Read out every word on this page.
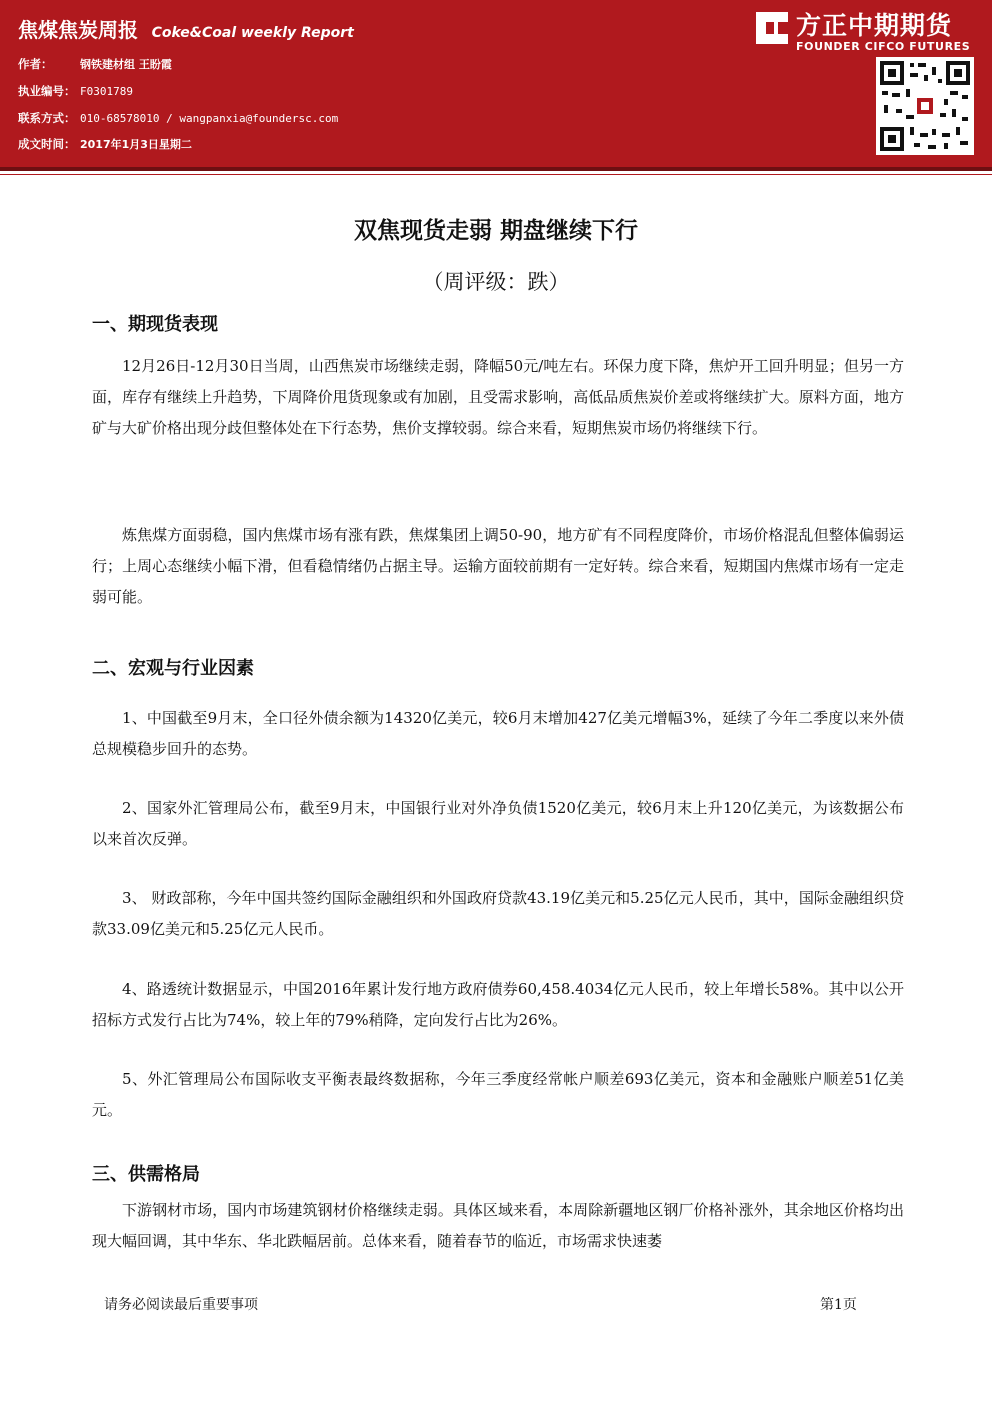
焦煤焦炭周报 Coke&Coal weekly Report
作者：	钢铁建材组 王盼霞
执业编号： F0301789
联系方式： 010-68578010 / wangpanxia@foundersc.com
成文时间： 2017年1月3日星期二
方正中期期货
FOUNDER CIFCO FUTURES
双焦现货走弱 期盘继续下行
（周评级：跌）
一、期现货表现
12月26日-12月30日当周，山西焦炭市场继续走弱，降幅50元/吨左右。环保力度下降，焦炉开工回升明显；但另一方面，库存有继续上升趋势，下周降价甩货现象或有加剧，且受需求影响，高低品质焦炭价差或将继续扩大。原料方面，地方矿与大矿价格出现分歧但整体处在下行态势，焦价支撑较弱。综合来看，短期焦炭市场仍将继续下行。
炼焦煤方面弱稳，国内焦煤市场有涨有跌，焦煤集团上调50-90，地方矿有不同程度降价，市场价格混乱但整体偏弱运行；上周心态继续小幅下滑，但看稳情绪仍占据主导。运输方面较前期有一定好转。综合来看，短期国内焦煤市场有一定走弱可能。
二、宏观与行业因素
1、中国截至9月末，全口径外债余额为14320亿美元，较6月末增加427亿美元增幅3%，延续了今年二季度以来外债总规模稳步回升的态势。
2、国家外汇管理局公布，截至9月末，中国银行业对外净负债1520亿美元，较6月末上升120亿美元，为该数据公布以来首次反弹。
3、 财政部称，今年中国共签约国际金融组织和外国政府贷款43.19亿美元和5.25亿元人民币，其中，国际金融组织贷款33.09亿美元和5.25亿元人民币。
4、路透统计数据显示，中国2016年累计发行地方政府债券60,458.4034亿元人民币，较上年增长58%。其中以公开招标方式发行占比为74%，较上年的79%稍降，定向发行占比为26%。
5、外汇管理局公布国际收支平衡表最终数据称，今年三季度经常帐户顺差693亿美元，资本和金融账户顺差51亿美元。
三、供需格局
下游钢材市场，国内市场建筑钢材价格继续走弱。具体区域来看，本周除新疆地区钢厂价格补涨外，其余地区价格均出现大幅回调，其中华东、华北跌幅居前。总体来看，随着春节的临近，市场需求快速萎
请务必阅读最后重要事项	第1页
